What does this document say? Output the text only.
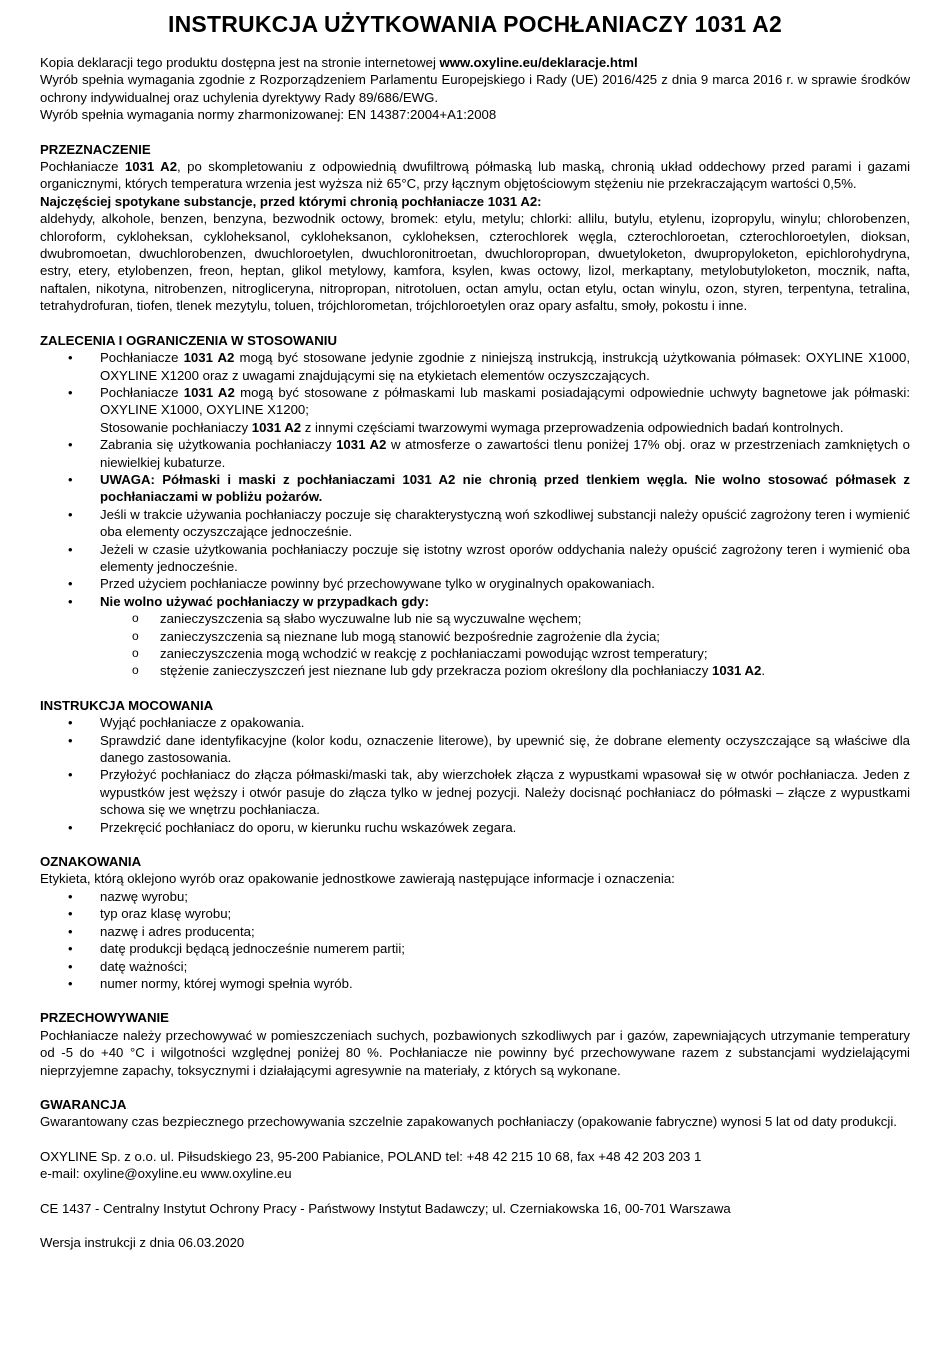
INSTRUKCJA UŻYTKOWANIA POCHŁANIACZY 1031 A2

Kopia deklaracji tego produktu dostępna jest na stronie internetowej www.oxyline.eu/deklaracje.html

Wyrób spełnia wymagania zgodnie z Rozporządzeniem Parlamentu Europejskiego i Rady (UE) 2016/425 z dnia 9 marca 2016 r. w sprawie środków ochrony indywidualnej oraz uchylenia dyrektywy Rady 89/686/EWG.

Wyrób spełnia wymagania normy zharmonizowanej: EN 14387:2004+A1:2008

PRZEZNACZENIE

Pochłaniacze 1031 A2, po skompletowaniu z odpowiednią dwufiltrową półmaską lub maską, chronią układ oddechowy przed parami i gazami organicznymi, których temperatura wrzenia jest wyższa niż 65°C, przy łącznym objętościowym stężeniu nie przekraczającym wartości 0,5%.

Najczęściej spotykane substancje, przed którymi chronią pochłaniacze 1031 A2:

aldehydy, alkohole, benzen, benzyna, bezwodnik octowy, bromek: etylu, metylu; chlorki: allilu, butylu, etylenu, izopropylu, winylu; chlorobenzen, chloroform, cykloheksan, cykloheksanol, cykloheksanon, cykloheksen, czterochlorek węgla, czterochloroetan, czterochloroetylen, dioksan, dwubromoetan, dwuchlorobenzen, dwuchloroetylen, dwuchloronitroetan, dwuchloropropan, dwuetyloketon, dwupropyloketon, epichlorohydryna, estry, etery, etylobenzen, freon, heptan, glikol metylowy, kamfora, ksylen, kwas octowy, lizol, merkaptany, metylobutyloketon, mocznik, nafta, naftalen, nikotyna, nitrobenzen, nitrogliceryna, nitropropan, nitrotoluen, octan amylu, octan etylu, octan winylu, ozon, styren, terpentyna, tetralina, tetrahydrofuran, tiofen, tlenek mezytylu, toluen, trójchlorometan, trójchloroetylen oraz opary asfaltu, smoły, pokostu i inne.

ZALECENIA I OGRANICZENIA W STOSOWANIU

• Pochłaniacze 1031 A2 mogą być stosowane jedynie zgodnie z niniejszą instrukcją, instrukcją użytkowania półmasek: OXYLINE X1000, OXYLINE X1200 oraz z uwagami znajdującymi się na etykietach elementów oczyszczających.
• Pochłaniacze 1031 A2 mogą być stosowane z półmaskami lub maskami posiadającymi odpowiednie uchwyty bagnetowe jak półmaski: OXYLINE X1000, OXYLINE X1200;
Stosowanie pochłaniaczy 1031 A2 z innymi częściami twarzowymi wymaga przeprowadzenia odpowiednich badań kontrolnych.
• Zabrania się użytkowania pochłaniaczy 1031 A2 w atmosferze o zawartości tlenu poniżej 17% obj. oraz w przestrzeniach zamkniętych o niewielkiej kubaturze.
• UWAGA: Półmaski i maski z pochłaniaczami 1031 A2 nie chronią przed tlenkiem węgla. Nie wolno stosować półmasek z pochłaniaczami w pobliżu pożarów.
• Jeśli w trakcie używania pochłaniaczy poczuje się charakterystyczną woń szkodliwej substancji należy opuścić zagrożony teren i wymienić oba elementy oczyszczające jednocześnie.
• Jeżeli w czasie użytkowania pochłaniaczy poczuje się istotny wzrost oporów oddychania należy opuścić zagrożony teren i wymienić oba elementy jednocześnie.
• Przed użyciem pochłaniacze powinny być przechowywane tylko w oryginalnych opakowaniach.
• Nie wolno używać pochłaniaczy w przypadkach gdy:
o zanieczyszczenia są słabo wyczuwalne lub nie są wyczuwalne węchem;
o zanieczyszczenia są nieznane lub mogą stanowić bezpośrednie zagrożenie dla życia;
o zanieczyszczenia mogą wchodzić w reakcję z pochłaniaczami powodując wzrost temperatury;
o stężenie zanieczyszczeń jest nieznane lub gdy przekracza poziom określony dla pochłaniaczy 1031 A2.

INSTRUKCJA MOCOWANIA

• Wyjąć pochłaniacze z opakowania.
• Sprawdzić dane identyfikacyjne (kolor kodu, oznaczenie literowe), by upewnić się, że dobrane elementy oczyszczające są właściwe dla danego zastosowania.
• Przyłożyć pochłaniacz do złącza półmaski/maski tak, aby wierzchołek złącza z wypustkami wpasował się w otwór pochłaniacza. Jeden z wypustków jest węższy i otwór pasuje do złącza tylko w jednej pozycji. Należy docisnąć pochłaniacz do półmaski – złącze z wypustkami schowa się we wnętrzu pochłaniacza.
• Przekręcić pochłaniacz do oporu, w kierunku ruchu wskazówek zegara.

OZNAKOWANIA

Etykieta, którą oklejono wyrób oraz opakowanie jednostkowe zawierają następujące informacje i oznaczenia:

• nazwę wyrobu;
• typ oraz klasę wyrobu;
• nazwę i adres producenta;
• datę produkcji będącą jednocześnie numerem partii;
• datę ważności;
• numer normy, której wymogi spełnia wyrób.

PRZECHOWYWANIE

Pochłaniacze należy przechowywać w pomieszczeniach suchych, pozbawionych szkodliwych par i gazów, zapewniających utrzymanie temperatury od -5 do +40 °C i wilgotności względnej poniżej 80 %. Pochłaniacze nie powinny być przechowywane razem z substancjami wydzielającymi nieprzyjemne zapachy, toksycznymi i działającymi agresywnie na materiały, z których są wykonane.

GWARANCJA

Gwarantowany czas bezpiecznego przechowywania szczelnie zapakowanych pochłaniaczy (opakowanie fabryczne) wynosi 5 lat od daty produkcji.

OXYLINE Sp. z o.o. ul. Piłsudskiego 23, 95-200 Pabianice, POLAND tel: +48 42 215 10 68, fax +48 42 203 203 1

e-mail: oxyline@oxyline.eu www.oxyline.eu

CE 1437 - Centralny Instytut Ochrony Pracy - Państwowy Instytut Badawczy; ul. Czerniakowska 16, 00-701 Warszawa

Wersja instrukcji z dnia 06.03.2020
